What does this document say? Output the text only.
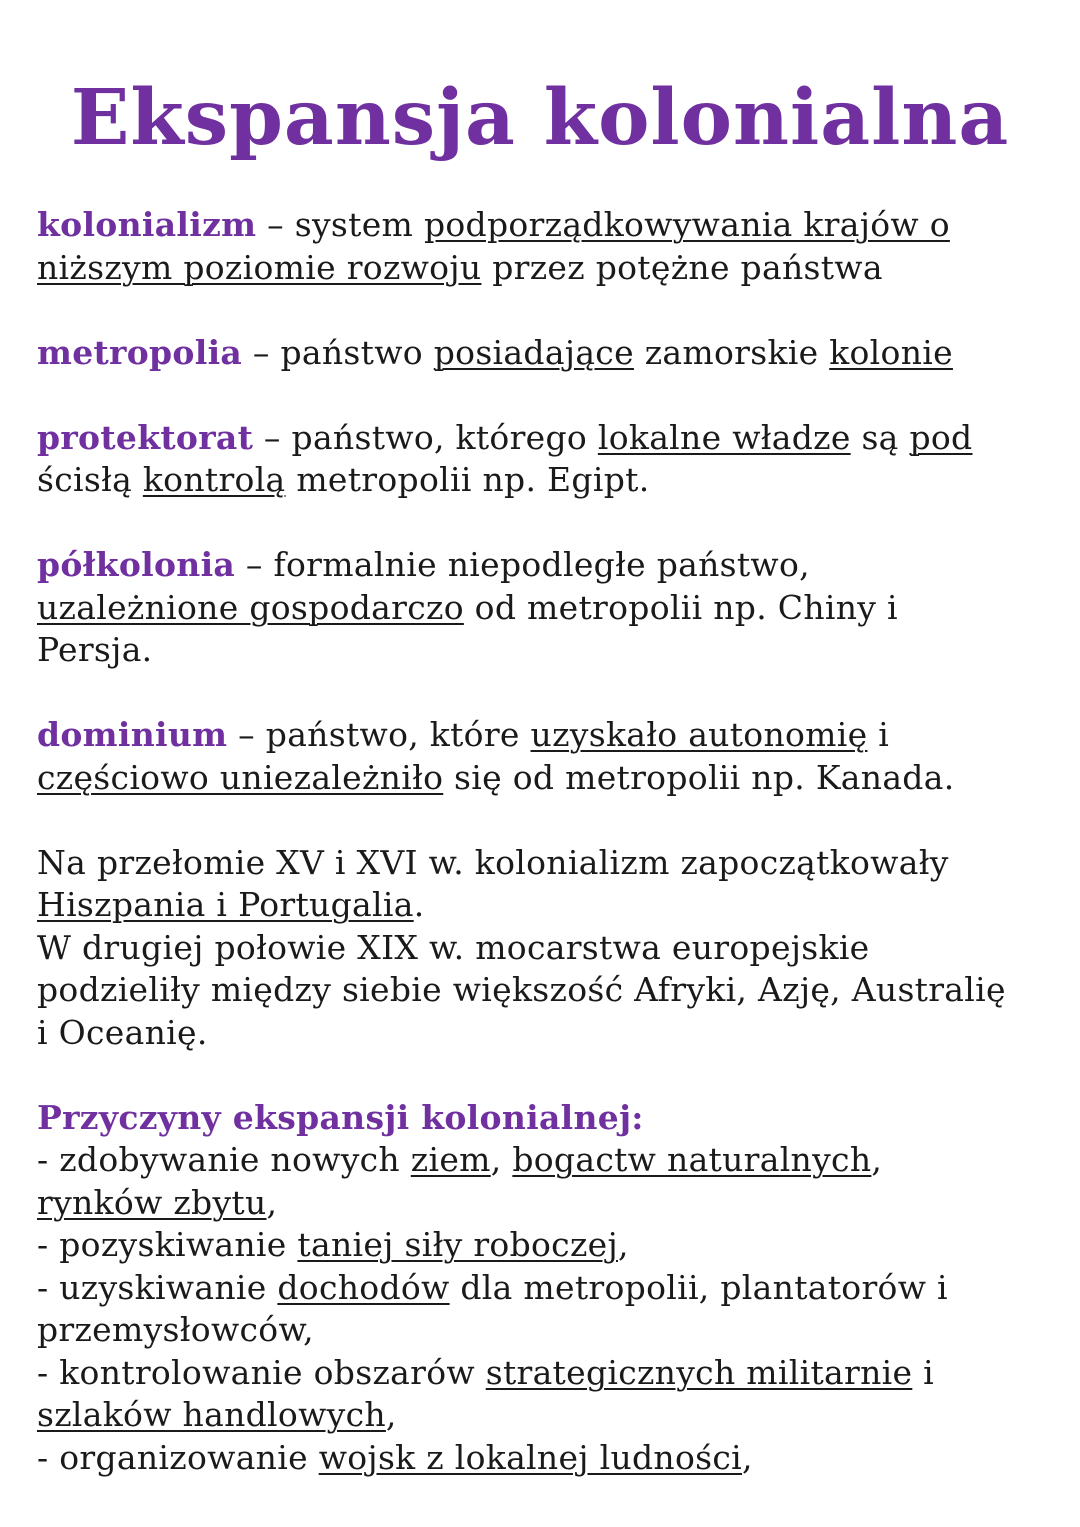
Ekspansja kolonialna
kolonializm – system podporządkowywania krajów o
niższym poziomie rozwoju przez potężne państwa
metropolia – państwo posiadające zamorskie kolonie
protektorat – państwo, którego lokalne władze są pod
ścisłą kontrolą metropolii np. Egipt.
półkolonia – formalnie niepodległe państwo,
uzależnione gospodarczo od metropolii np. Chiny i
Persja.
dominium – państwo, które uzyskało autonomię i
częściowo uniezależniło się od metropolii np. Kanada.
Na przełomie XV i XVI w. kolonializm zapoczątkowały
Hiszpania i Portugalia.
W drugiej połowie XIX w. mocarstwa europejskie
podzieliły między siebie większość Afryki, Azję, Australię
i Oceanię.
Przyczyny ekspansji kolonialnej:
- zdobywanie nowych ziem, bogactw naturalnych,
rynków zbytu,
- pozyskiwanie taniej siły roboczej,
- uzyskiwanie dochodów dla metropolii, plantatorów i
przemysłowców,
- kontrolowanie obszarów strategicznych militarnie i
szlaków handlowych,
- organizowanie wojsk z lokalnej ludności,
